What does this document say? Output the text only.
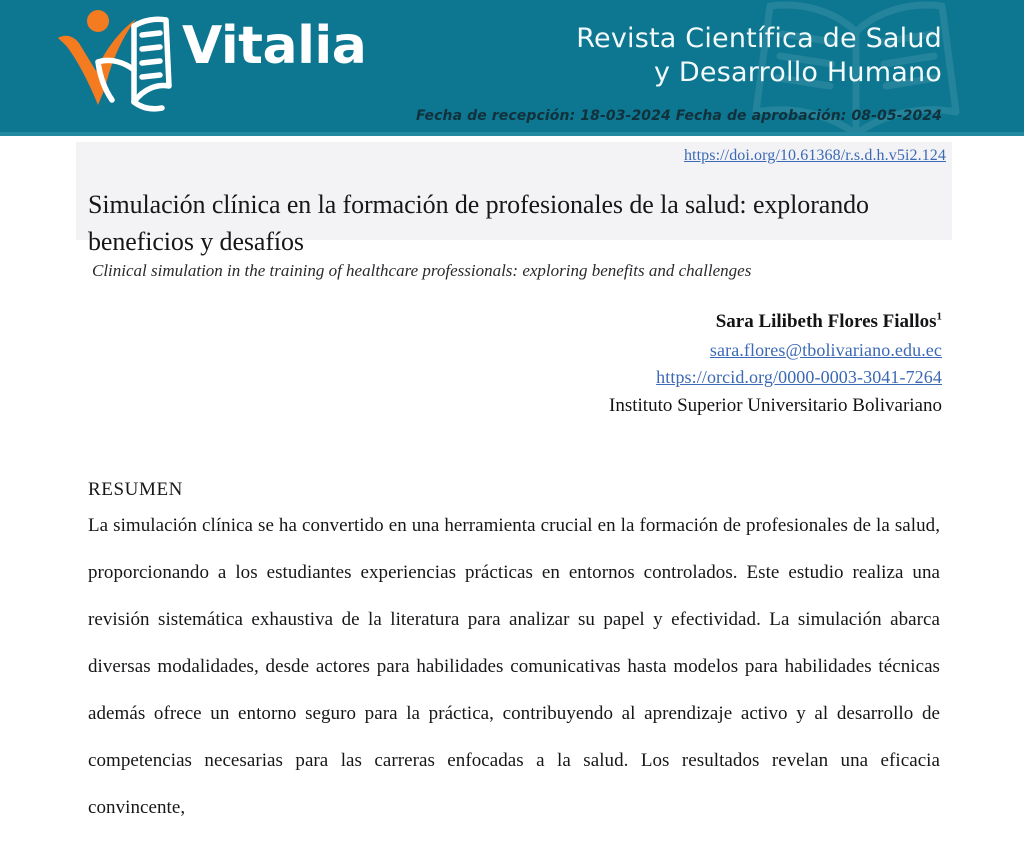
Vitalia	Revista Científica de Salud
y Desarrollo Humano
Fecha de recepción: 18-03-2024 Fecha de aprobación: 08-05-2024
https://doi.org/10.61368/r.s.d.h.v5i2.124
Simulación clínica en la formación de profesionales de la salud: explorando beneficios y desafíos
Clinical simulation in the training of healthcare professionals: exploring benefits and challenges
Sara Lilibeth Flores Fiallos$^1$
sara.flores@tbolivariano.edu.ec
https://orcid.org/0000-0003-3041-7264
Instituto Superior Universitario Bolivariano
RESUMEN

La simulación clínica se ha convertido en una herramienta crucial en la formación de profesionales de la salud, proporcionando a los estudiantes experiencias prácticas en entornos controlados. Este estudio realiza una revisión sistemática exhaustiva de la literatura para analizar su papel y efectividad. La simulación abarca diversas modalidades, desde actores para habilidades comunicativas hasta modelos para habilidades técnicas además ofrece un entorno seguro para la práctica, contribuyendo al aprendizaje activo y al desarrollo de competencias necesarias para las carreras enfocadas a la salud. Los resultados revelan una eficacia convincente,
